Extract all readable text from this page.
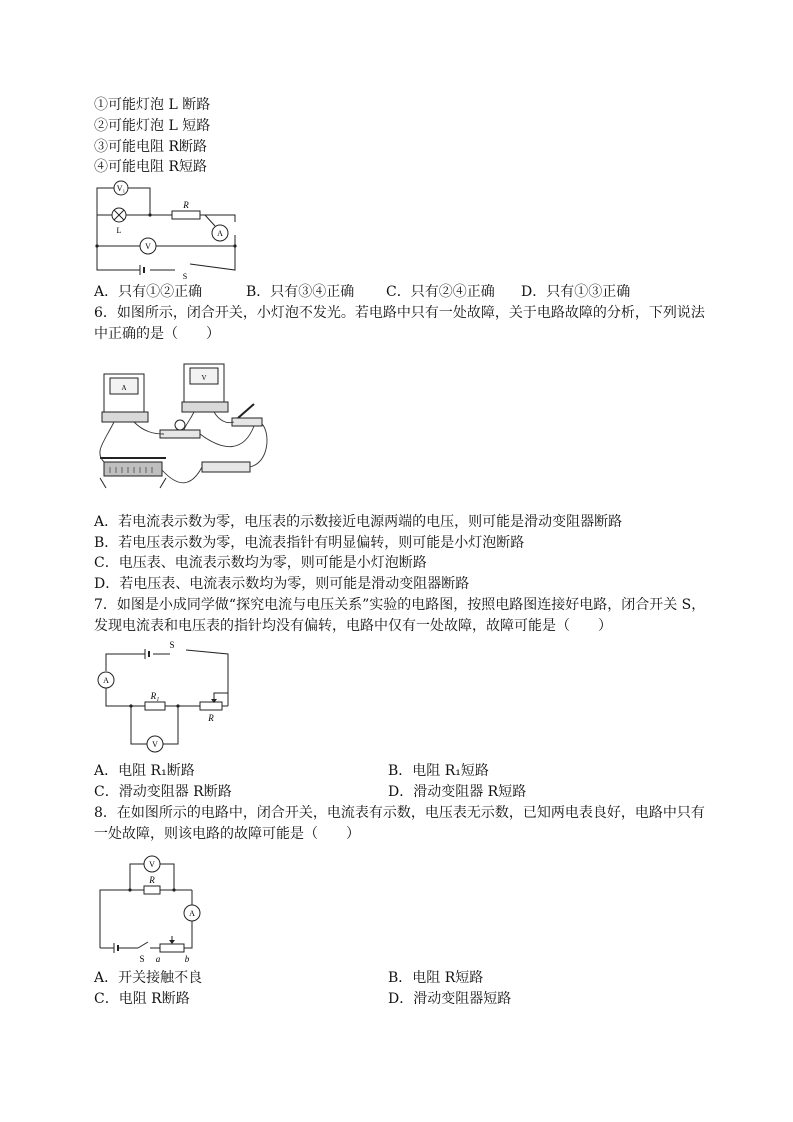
①可能灯泡 L 断路
②可能灯泡 L 短路
③可能电阻 R断路
④可能电阻 R短路
V₁
L
R
A
V
S
A．只有①②正确	B．只有③④正确 C．只有②④正确 D．只有①③正确
6．如图所示，闭合开关，小灯泡不发光。若电路中只有一处故障，关于电路故障的分析，下列说法
中正确的是（　　）
A
V
A．若电流表示数为零，电压表的示数接近电源两端的电压，则可能是滑动变阻器断路
B．若电压表示数为零，电流表指针有明显偏转，则可能是小灯泡断路
C．电压表、电流表示数均为零，则可能是小灯泡断路
D．若电压表、电流表示数均为零，则可能是滑动变阻器断路
7．如图是小成同学做“探究电流与电压关系”实验的电路图，按照电路图连接好电路，闭合开关 S，
发现电流表和电压表的指针均没有偏转，电路中仅有一处故障，故障可能是（　　）
S
A
R₁
R
V
A．电阻 R₁断路	B．电阻 R₁短路
C．滑动变阻器 R断路	D．滑动变阻器 R短路
8．在如图所示的电路中，闭合开关，电流表有示数，电压表无示数，已知两电表良好，电路中只有
一处故障，则该电路的故障可能是（　　）
V
R
A
S a	b
A．开关接触不良	B．电阻 R短路
C．电阻 R断路	D．滑动变阻器短路
